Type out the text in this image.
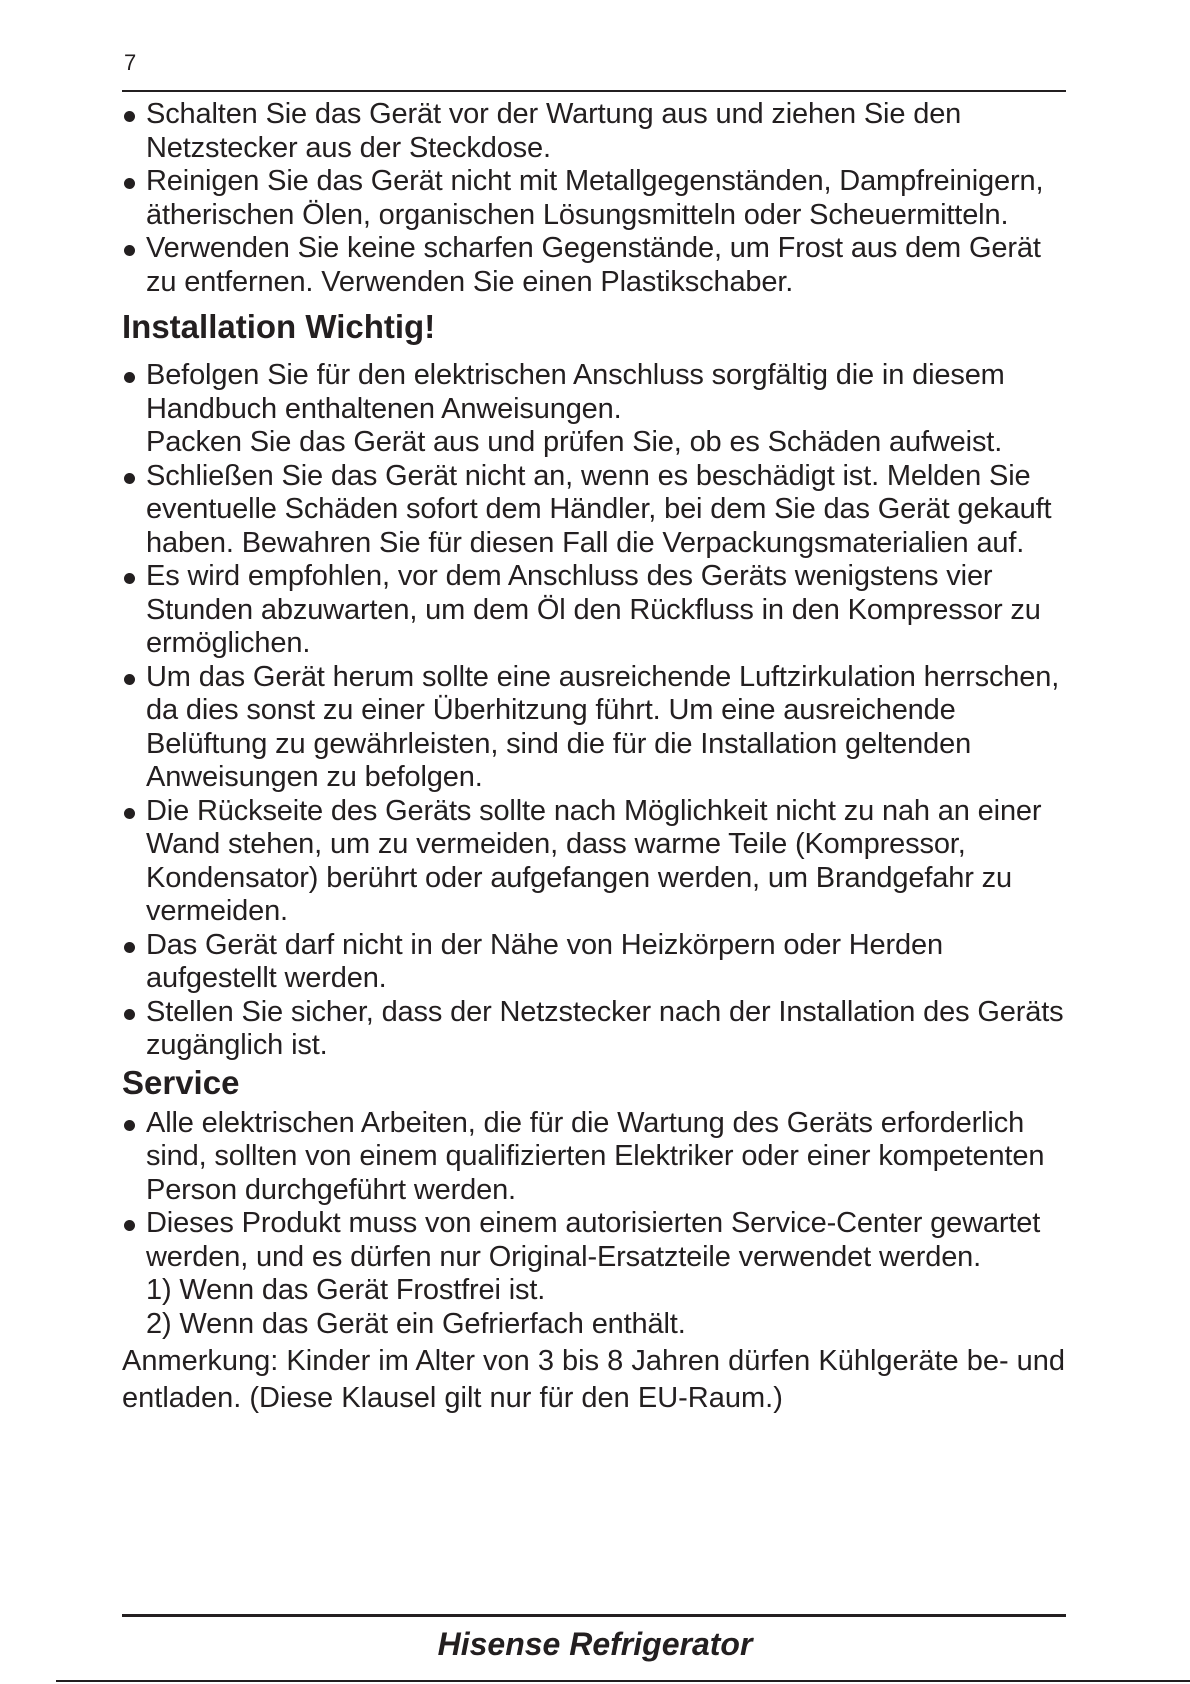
7
Schalten Sie das Gerät vor der Wartung aus und ziehen Sie den Netzstecker aus der Steckdose.
Reinigen Sie das Gerät nicht mit Metallgegenständen, Dampfreinigern, ätherischen Ölen, organischen Lösungsmitteln oder Scheuermitteln.
Verwenden Sie keine scharfen Gegenstände, um Frost aus dem Gerät zu entfernen. Verwenden Sie einen Plastikschaber.
Installation Wichtig!
Befolgen Sie für den elektrischen Anschluss sorgfältig die in diesem Handbuch enthaltenen Anweisungen.
Packen Sie das Gerät aus und prüfen Sie, ob es Schäden aufweist.
Schließen Sie das Gerät nicht an, wenn es beschädigt ist. Melden Sie eventuelle Schäden sofort dem Händler, bei dem Sie das Gerät gekauft haben. Bewahren Sie für diesen Fall die Verpackungsmaterialien auf.
Es wird empfohlen, vor dem Anschluss des Geräts wenigstens vier Stunden abzuwarten, um dem Öl den Rückfluss in den Kompressor zu ermöglichen.
Um das Gerät herum sollte eine ausreichende Luftzirkulation herrschen, da dies sonst zu einer Überhitzung führt. Um eine ausreichende Belüftung zu gewährleisten, sind die für die Installation geltenden Anweisungen zu befolgen.
Die Rückseite des Geräts sollte nach Möglichkeit nicht zu nah an einer Wand stehen, um zu vermeiden, dass warme Teile (Kompressor, Kondensator) berührt oder aufgefangen werden, um Brandgefahr zu vermeiden.
Das Gerät darf nicht in der Nähe von Heizkörpern oder Herden aufgestellt werden.
Stellen Sie sicher, dass der Netzstecker nach der Installation des Geräts zugänglich ist.
Service
Alle elektrischen Arbeiten, die für die Wartung des Geräts erforderlich sind, sollten von einem qualifizierten Elektriker oder einer kompetenten Person durchgeführt werden.
Dieses Produkt muss von einem autorisierten Service-Center gewartet werden, und es dürfen nur Original-Ersatzteile verwendet werden.
1) Wenn das Gerät Frostfrei ist.
2) Wenn das Gerät ein Gefrierfach enthält.
Anmerkung: Kinder im Alter von 3 bis 8 Jahren dürfen Kühlgeräte be- und entladen. (Diese Klausel gilt nur für den EU-Raum.)
Hisense Refrigerator
